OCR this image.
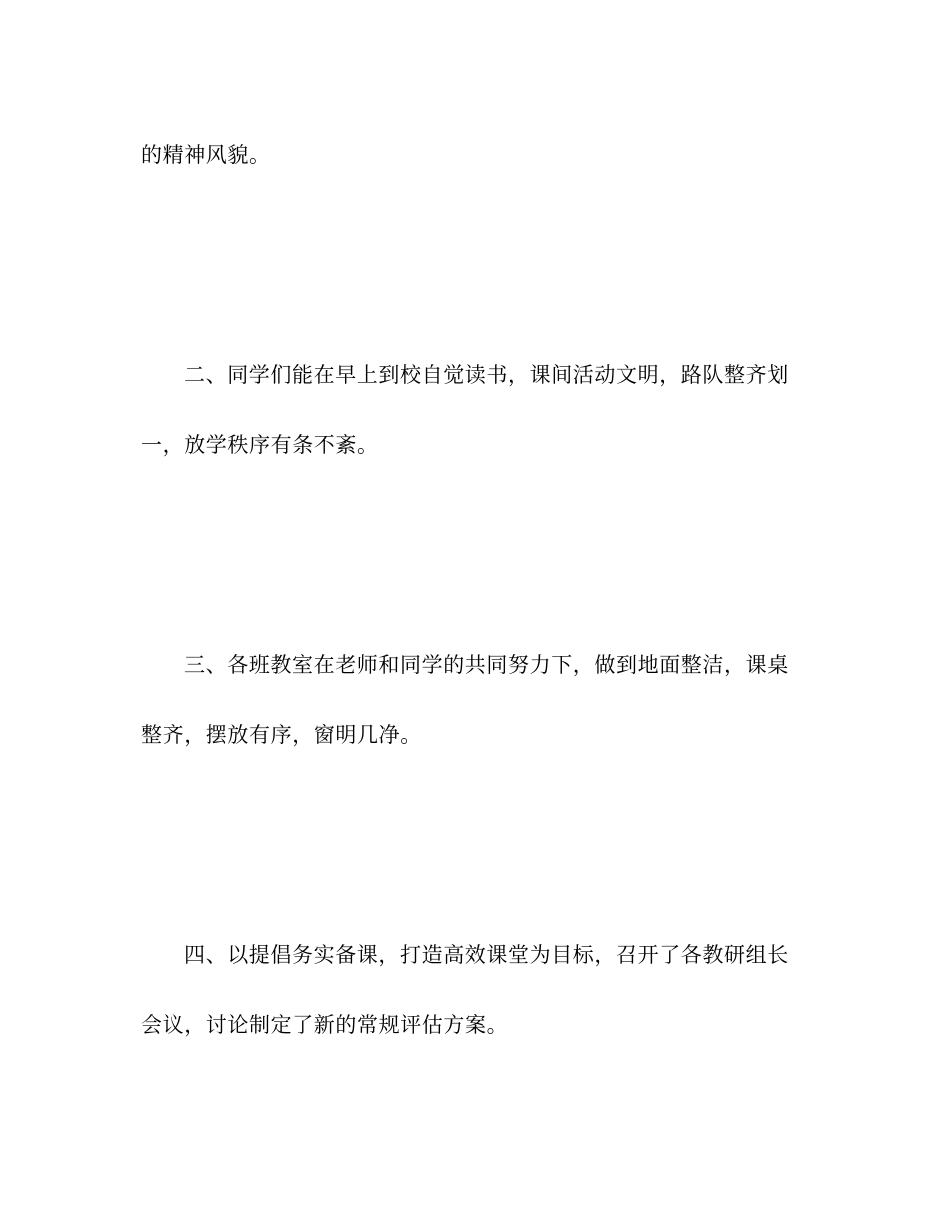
的精神风貌。
二、同学们能在早上到校自觉读书，课间活动文明，路队整齐划
一，放学秩序有条不紊。
三、各班教室在老师和同学的共同努力下，做到地面整洁，课桌
整齐，摆放有序，窗明几净。
四、以提倡务实备课，打造高效课堂为目标，召开了各教研组长
会议，讨论制定了新的常规评估方案。
